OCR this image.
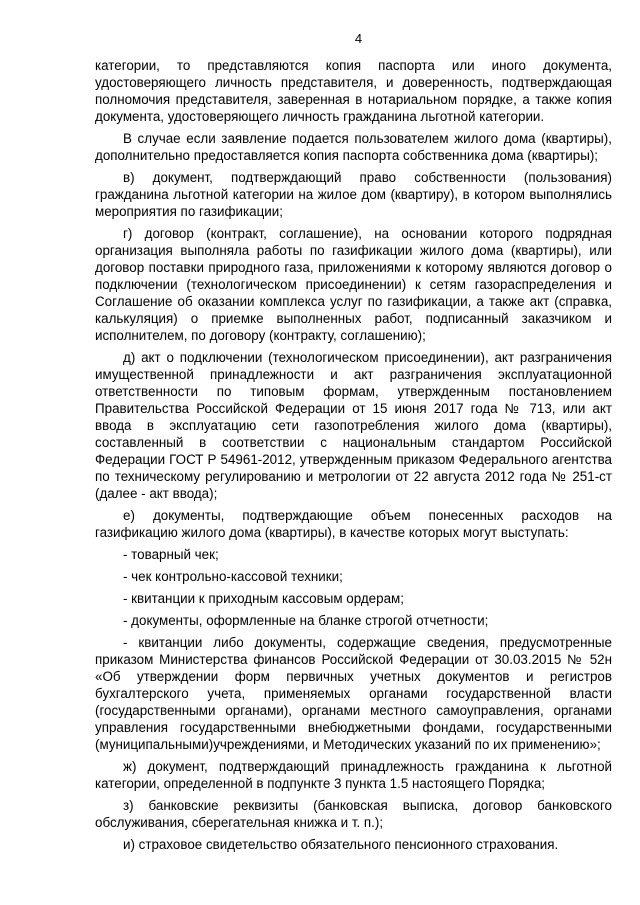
4

категории, то представляются копия паспорта или иного документа, удостоверяющего личность представителя, и доверенность, подтверждающая полномочия представителя, заверенная в нотариальном порядке, а также копия документа, удостоверяющего личность гражданина льготной категории.

В случае если заявление подается пользователем жилого дома (квартиры), дополнительно предоставляется копия паспорта собственника дома (квартиры);

в) документ, подтверждающий право собственности (пользования) гражданина льготной категории на жилое дом (квартиру), в котором выполнялись мероприятия по газификации;

г) договор (контракт, соглашение), на основании которого подрядная организация выполняла работы по газификации жилого дома (квартиры), или договор поставки природного газа, приложениями к которому являются договор о подключении (технологическом присоединении) к сетям газораспределения и Соглашение об оказании комплекса услуг по газификации, а также акт (справка, калькуляция) о приемке выполненных работ, подписанный заказчиком и исполнителем, по договору (контракту, соглашению);

д) акт о подключении (технологическом присоединении), акт разграничения имущественной принадлежности и акт разграничения эксплуатационной ответственности по типовым формам, утвержденным постановлением Правительства Российской Федерации от 15 июня 2017 года № 713, или акт ввода в эксплуатацию сети газопотребления жилого дома (квартиры), составленный в соответствии с национальным стандартом Российской Федерации ГОСТ Р 54961-2012, утвержденным приказом Федерального агентства по техническому регулированию и метрологии от 22 августа 2012 года № 251-ст (далее - акт ввода);

е) документы, подтверждающие объем понесенных расходов на газификацию жилого дома (квартиры), в качестве которых могут выступать:

- товарный чек;

- чек контрольно-кассовой техники;

- квитанции к приходным кассовым ордерам;

- документы, оформленные на бланке строгой отчетности;

- квитанции либо документы, содержащие сведения, предусмотренные приказом Министерства финансов Российской Федерации от 30.03.2015 № 52н «Об утверждении форм первичных учетных документов и регистров бухгалтерского учета, применяемых органами государственной власти (государственными органами), органами местного самоуправления, органами управления государственными внебюджетными фондами, государственными (муниципальными)учреждениями, и Методических указаний по их применению»;

ж) документ, подтверждающий принадлежность гражданина к льготной категории, определенной в подпункте 3 пункта 1.5 настоящего Порядка;

з) банковские реквизиты (банковская выписка, договор банковского обслуживания, сберегательная книжка и т. п.);

и) страховое свидетельство обязательного пенсионного страхования.
